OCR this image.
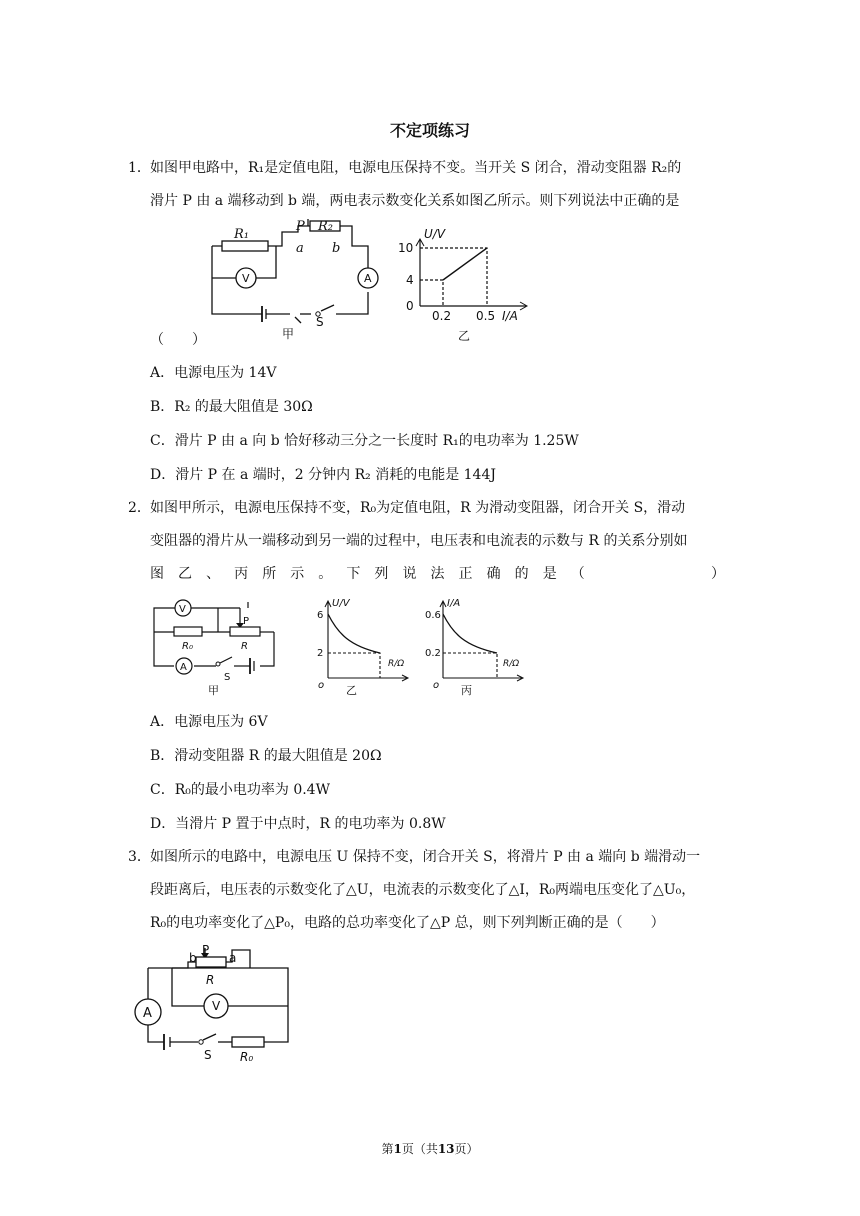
不定项练习
1． 如图甲电路中，R₁是定值电阻，电源电压保持不变。当开关 S 闭合，滑动变阻器 R₂的
滑片 P 由 a 端移动到 b 端，两电表示数变化关系如图乙所示。则下列说法中正确的是
（　　）
R₁
P R₂
a b
V	A
S
甲
U/V
10
4
0
0.2 0.5 I/A
乙
A．电源电压为 14V
B．R₂ 的最大阻值是 30Ω
C．滑片 P 由 a 向 b 恰好移动三分之一长度时 R₁的电功率为 1.25W
D．滑片 P 在 a 端时，2 分钟内 R₂ 消耗的电能是 144J
2． 如图甲所示，电源电压保持不变，R₀为定值电阻，R 为滑动变阻器，闭合开关 S，滑动
变阻器的滑片从一端移动到另一端的过程中，电压表和电流表的示数与 R 的关系分别如
图乙、丙所示。下列说法正确的是（　　　　）
V
P
R₀	R
A
S
甲
U/V
6
2
o
R/Ω
乙
I/A
0.6
0.2
o
R/Ω
丙
A．电源电压为 6V
B．滑动变阻器 R 的最大阻值是 20Ω
C．R₀的最小电功率为 0.4W
D．当滑片 P 置于中点时，R 的电功率为 0.8W
3． 如图所示的电路中，电源电压 U 保持不变，闭合开关 S，将滑片 P 由 a 端向 b 端滑动一
段距离后，电压表的示数变化了△U，电流表的示数变化了△I，R₀两端电压变化了△U₀，
R₀的电功率变化了△P₀，电路的总功率变化了△P 总，则下列判断正确的是（　　）
b
P
a
R
V
A
S R₀
第1页（共13页）
